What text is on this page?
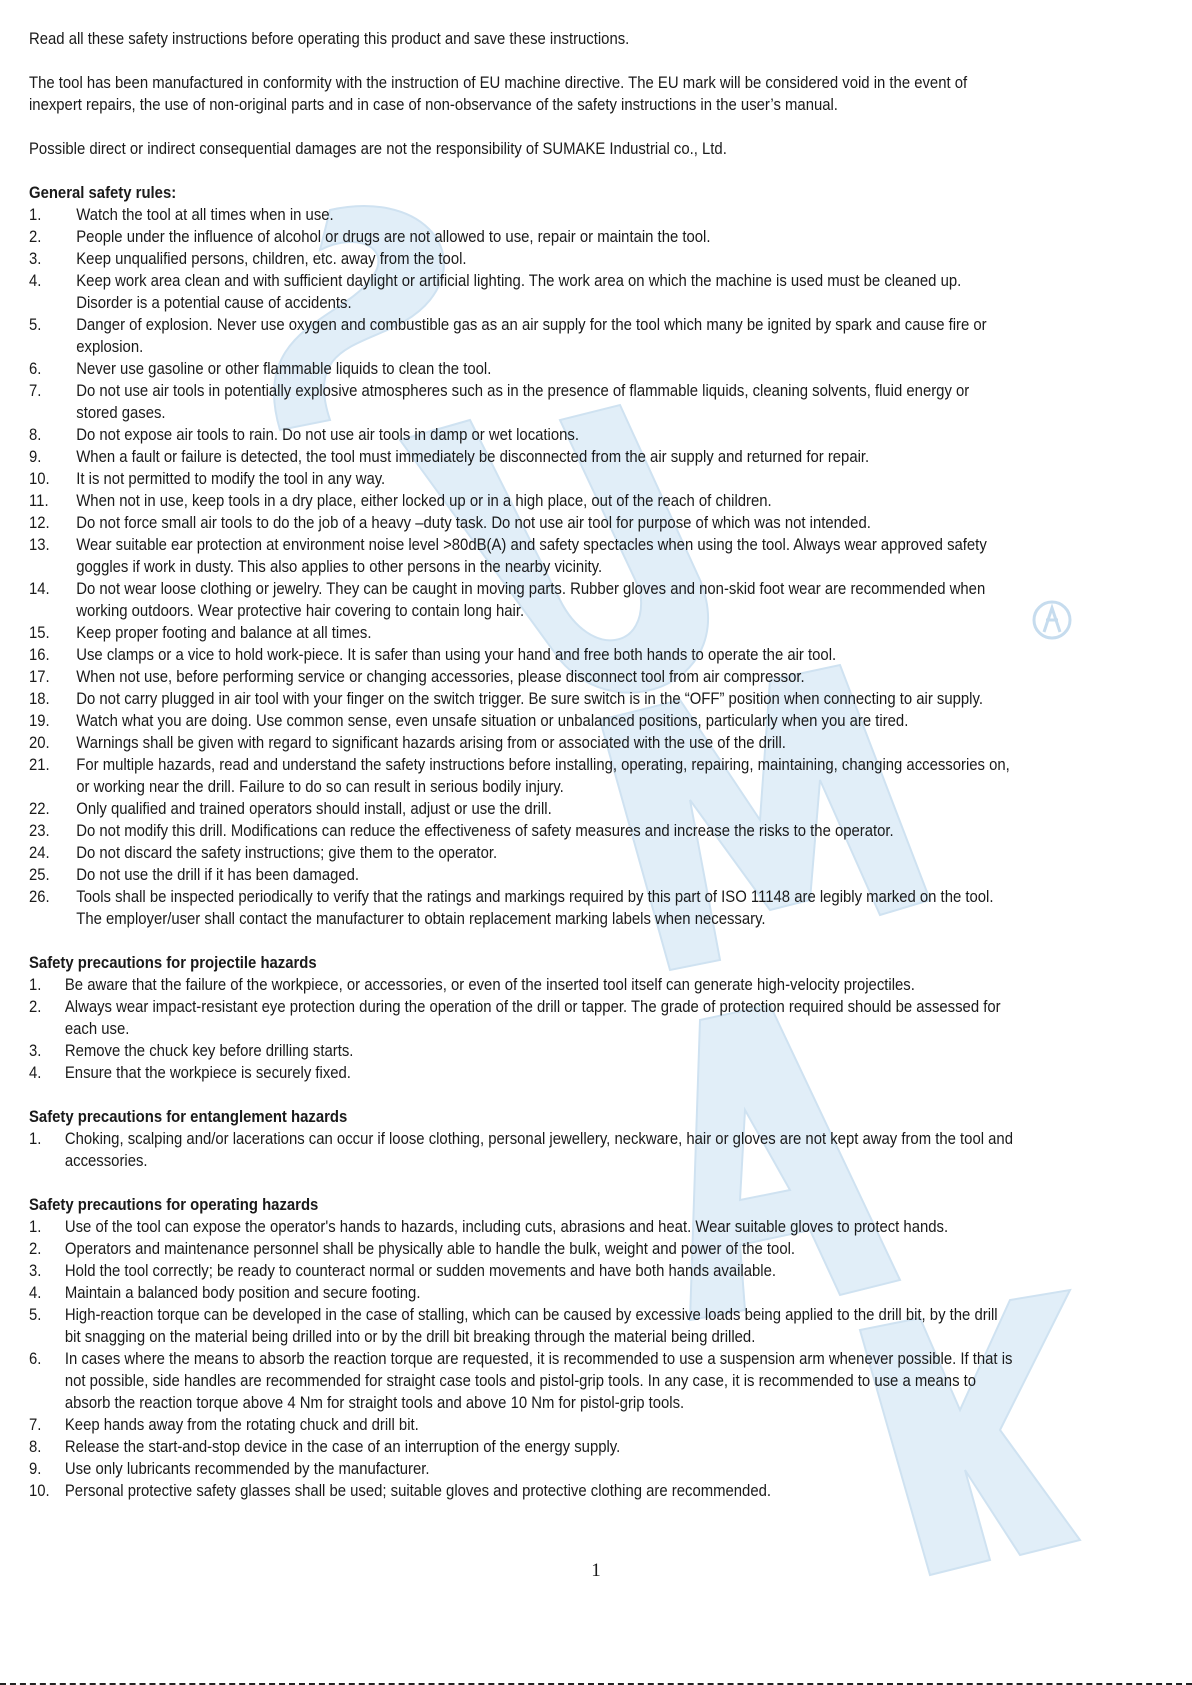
Read all these safety instructions before operating this product and save these instructions.
The tool has been manufactured in conformity with the instruction of EU machine directive. The EU mark will be considered void in the event of
inexpert repairs, the use of non-original parts and in case of non-observance of the safety instructions in the user’s manual.
Possible direct or indirect consequential damages are not the responsibility of SUMAKE Industrial co., Ltd.
General safety rules:
1.	Watch the tool at all times when in use.
2.	People under the influence of alcohol or drugs are not allowed to use, repair or maintain the tool.
3.	Keep unqualified persons, children, etc. away from the tool.
4.	Keep work area clean and with sufficient daylight or artificial lighting. The work area on which the machine is used must be cleaned up.
Disorder is a potential cause of accidents.
5.	Danger of explosion. Never use oxygen and combustible gas as an air supply for the tool which many be ignited by spark and cause fire or
explosion.
6.	Never use gasoline or other flammable liquids to clean the tool.
7.	Do not use air tools in potentially explosive atmospheres such as in the presence of flammable liquids, cleaning solvents, fluid energy or
stored gases.
8.	Do not expose air tools to rain. Do not use air tools in damp or wet locations.
9.	When a fault or failure is detected, the tool must immediately be disconnected from the air supply and returned for repair.
10.	It is not permitted to modify the tool in any way.
11.	When not in use, keep tools in a dry place, either locked up or in a high place, out of the reach of children.
12.	Do not force small air tools to do the job of a heavy –duty task. Do not use air tool for purpose of which was not intended.
13.	Wear suitable ear protection at environment noise level >80dB(A) and safety spectacles when using the tool. Always wear approved safety
goggles if work in dusty. This also applies to other persons in the nearby vicinity.
14.	Do not wear loose clothing or jewelry. They can be caught in moving parts. Rubber gloves and non-skid foot wear are recommended when
working outdoors. Wear protective hair covering to contain long hair.
15.	Keep proper footing and balance at all times.
16.	Use clamps or a vice to hold work-piece. It is safer than using your hand and free both hands to operate the air tool.
17.	When not use, before performing service or changing accessories, please disconnect tool from air compressor.
18.	Do not carry plugged in air tool with your finger on the switch trigger. Be sure switch is in the “OFF” position when connecting to air supply.
19.	Watch what you are doing. Use common sense, even unsafe situation or unbalanced positions, particularly when you are tired.
20.	Warnings shall be given with regard to significant hazards arising from or associated with the use of the drill.
21.	For multiple hazards, read and understand the safety instructions before installing, operating, repairing, maintaining, changing accessories on,
or working near the drill. Failure to do so can result in serious bodily injury.
22.	Only qualified and trained operators should install, adjust or use the drill.
23.	Do not modify this drill. Modifications can reduce the effectiveness of safety measures and increase the risks to the operator.
24.	Do not discard the safety instructions; give them to the operator.
25.	Do not use the drill if it has been damaged.
26.	Tools shall be inspected periodically to verify that the ratings and markings required by this part of ISO 11148 are legibly marked on the tool.
The employer/user shall contact the manufacturer to obtain replacement marking labels when necessary.
Safety precautions for projectile hazards
1.	Be aware that the failure of the workpiece, or accessories, or even of the inserted tool itself can generate high-velocity projectiles.
2.	Always wear impact-resistant eye protection during the operation of the drill or tapper. The grade of protection required should be assessed for
each use.
3.	Remove the chuck key before drilling starts.
4.	Ensure that the workpiece is securely fixed.
Safety precautions for entanglement hazards
1.	Choking, scalping and/or lacerations can occur if loose clothing, personal jewellery, neckware, hair or gloves are not kept away from the tool and
accessories.
Safety precautions for operating hazards
1.	Use of the tool can expose the operator's hands to hazards, including cuts, abrasions and heat. Wear suitable gloves to protect hands.
2.	Operators and maintenance personnel shall be physically able to handle the bulk, weight and power of the tool.
3.	Hold the tool correctly; be ready to counteract normal or sudden movements and have both hands available.
4.	Maintain a balanced body position and secure footing.
5.	High-reaction torque can be developed in the case of stalling, which can be caused by excessive loads being applied to the drill bit, by the drill
bit snagging on the material being drilled into or by the drill bit breaking through the material being drilled.
6.	In cases where the means to absorb the reaction torque are requested, it is recommended to use a suspension arm whenever possible. If that is
not possible, side handles are recommended for straight case tools and pistol-grip tools. In any case, it is recommended to use a means to
absorb the reaction torque above 4 Nm for straight tools and above 10 Nm for pistol-grip tools.
7.	Keep hands away from the rotating chuck and drill bit.
8.	Release the start-and-stop device in the case of an interruption of the energy supply.
9.	Use only lubricants recommended by the manufacturer.
10. Personal protective safety glasses shall be used; suitable gloves and protective clothing are recommended.
1
